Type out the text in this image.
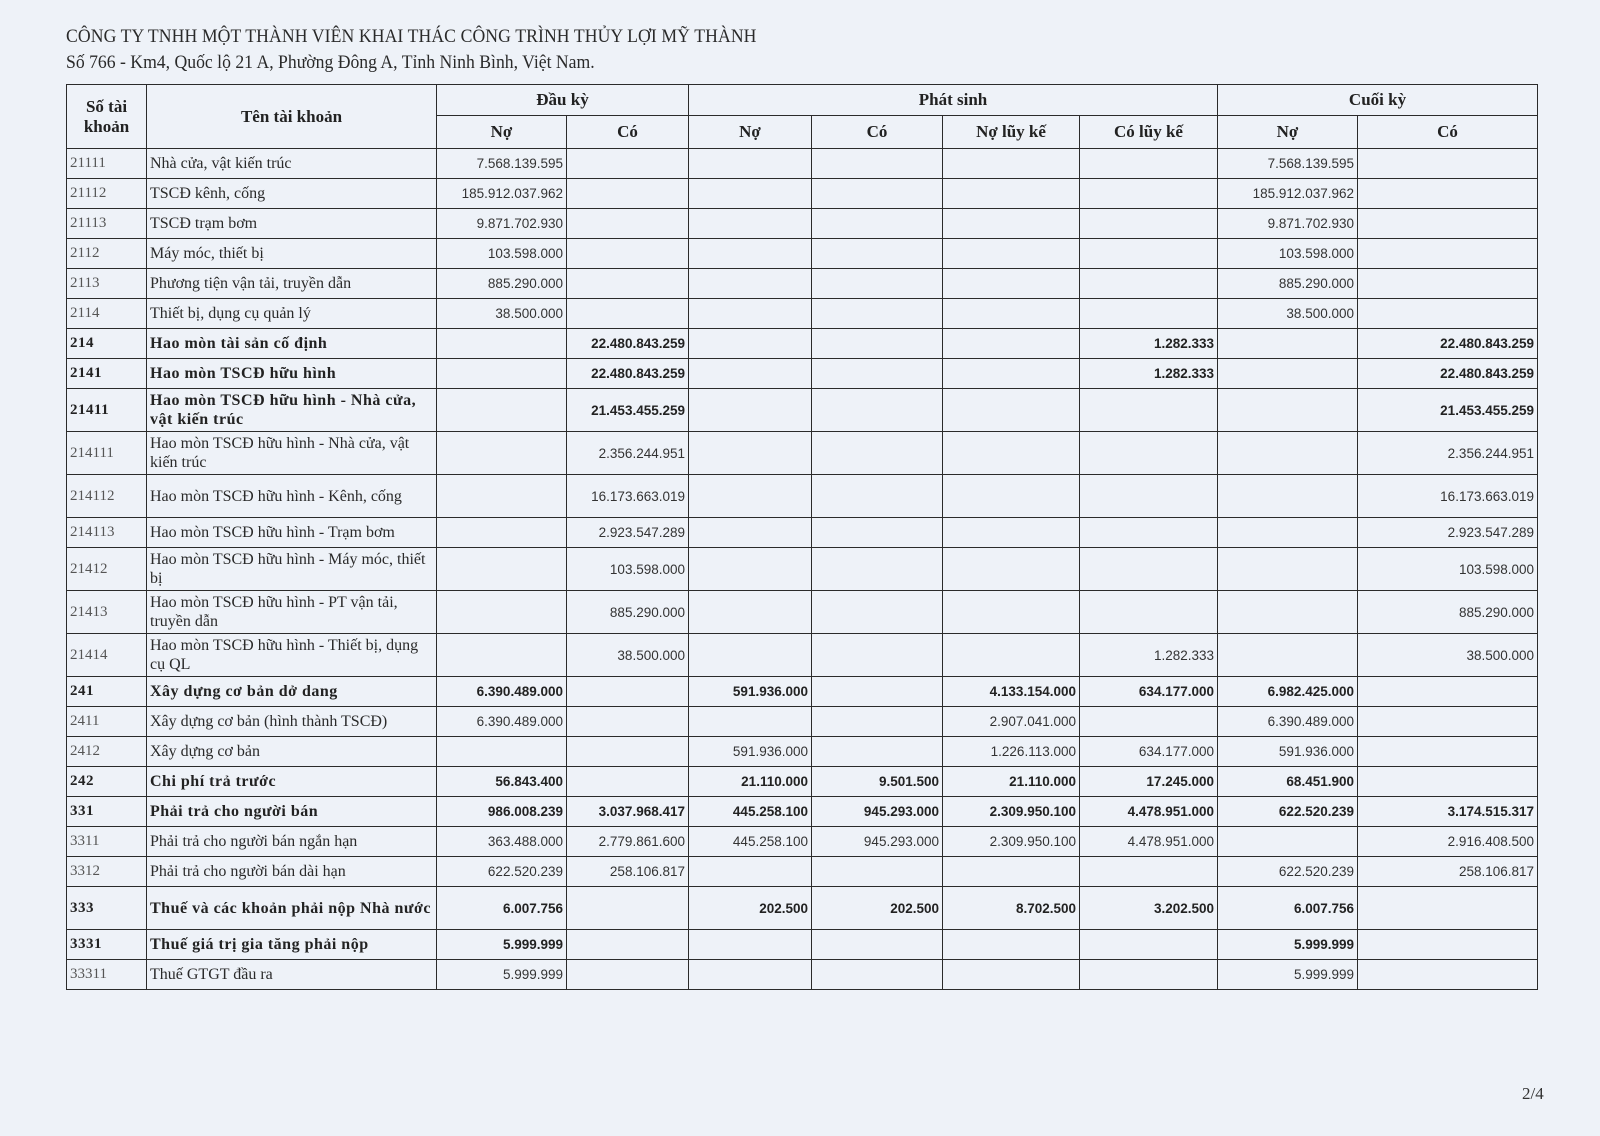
CÔNG TY TNHH MỘT THÀNH VIÊN KHAI THÁC CÔNG TRÌNH THỦY LỢI MỸ THÀNH
Số 766 - Km4, Quốc lộ 21 A, Phường Đông A, Tỉnh Ninh Bình, Việt Nam.
Số tài khoản	Tên tài khoản	Đầu kỳ		Phát sinh				Cuối kỳ	
		Nợ	Có	Nợ	Có	Nợ lũy kế	Có lũy kế	Nợ	Có
21111	Nhà cửa, vật kiến trúc	7.568.139.595						7.568.139.595	
21112	TSCĐ kênh, cống	185.912.037.962						185.912.037.962	
21113	TSCĐ trạm bơm	9.871.702.930						9.871.702.930	
2112	Máy móc, thiết bị	103.598.000						103.598.000	
2113	Phương tiện vận tải, truyền dẫn	885.290.000						885.290.000	
2114	Thiết bị, dụng cụ quản lý	38.500.000						38.500.000	
214	Hao mòn tài sản cố định		22.480.843.259				1.282.333		22.480.843.259
2141	Hao mòn TSCĐ hữu hình		22.480.843.259				1.282.333		22.480.843.259
21411	Hao mòn TSCĐ hữu hình - Nhà cửa, vật kiến trúc		21.453.455.259						21.453.455.259
214111	Hao mòn TSCĐ hữu hình - Nhà cửa, vật kiến trúc		2.356.244.951						2.356.244.951
214112	Hao mòn TSCĐ hữu hình - Kênh, cống		16.173.663.019						16.173.663.019
214113	Hao mòn TSCĐ hữu hình - Trạm bơm		2.923.547.289						2.923.547.289
21412	Hao mòn TSCĐ hữu hình - Máy móc, thiết bị		103.598.000						103.598.000
21413	Hao mòn TSCĐ hữu hình - PT vận tải, truyền dẫn		885.290.000						885.290.000
21414	Hao mòn TSCĐ hữu hình - Thiết bị, dụng cụ QL		38.500.000				1.282.333		38.500.000
241	Xây dựng cơ bản dở dang	6.390.489.000		591.936.000		4.133.154.000	634.177.000	6.982.425.000	
2411	Xây dựng cơ bản (hình thành TSCĐ)	6.390.489.000				2.907.041.000		6.390.489.000	
2412	Xây dựng cơ bản			591.936.000		1.226.113.000	634.177.000	591.936.000	
242	Chi phí trả trước	56.843.400		21.110.000	9.501.500	21.110.000	17.245.000	68.451.900	
331	Phải trả cho người bán	986.008.239	3.037.968.417	445.258.100	945.293.000	2.309.950.100	4.478.951.000	622.520.239	3.174.515.317
3311	Phải trả cho người bán ngắn hạn	363.488.000	2.779.861.600	445.258.100	945.293.000	2.309.950.100	4.478.951.000		2.916.408.500
3312	Phải trả cho người bán dài hạn	622.520.239	258.106.817					622.520.239	258.106.817
333	Thuế và các khoản phải nộp Nhà nước	6.007.756		202.500	202.500	8.702.500	3.202.500	6.007.756	
3331	Thuế giá trị gia tăng phải nộp	5.999.999						5.999.999	
33311	Thuế GTGT đầu ra	5.999.999						5.999.999	
2/4
